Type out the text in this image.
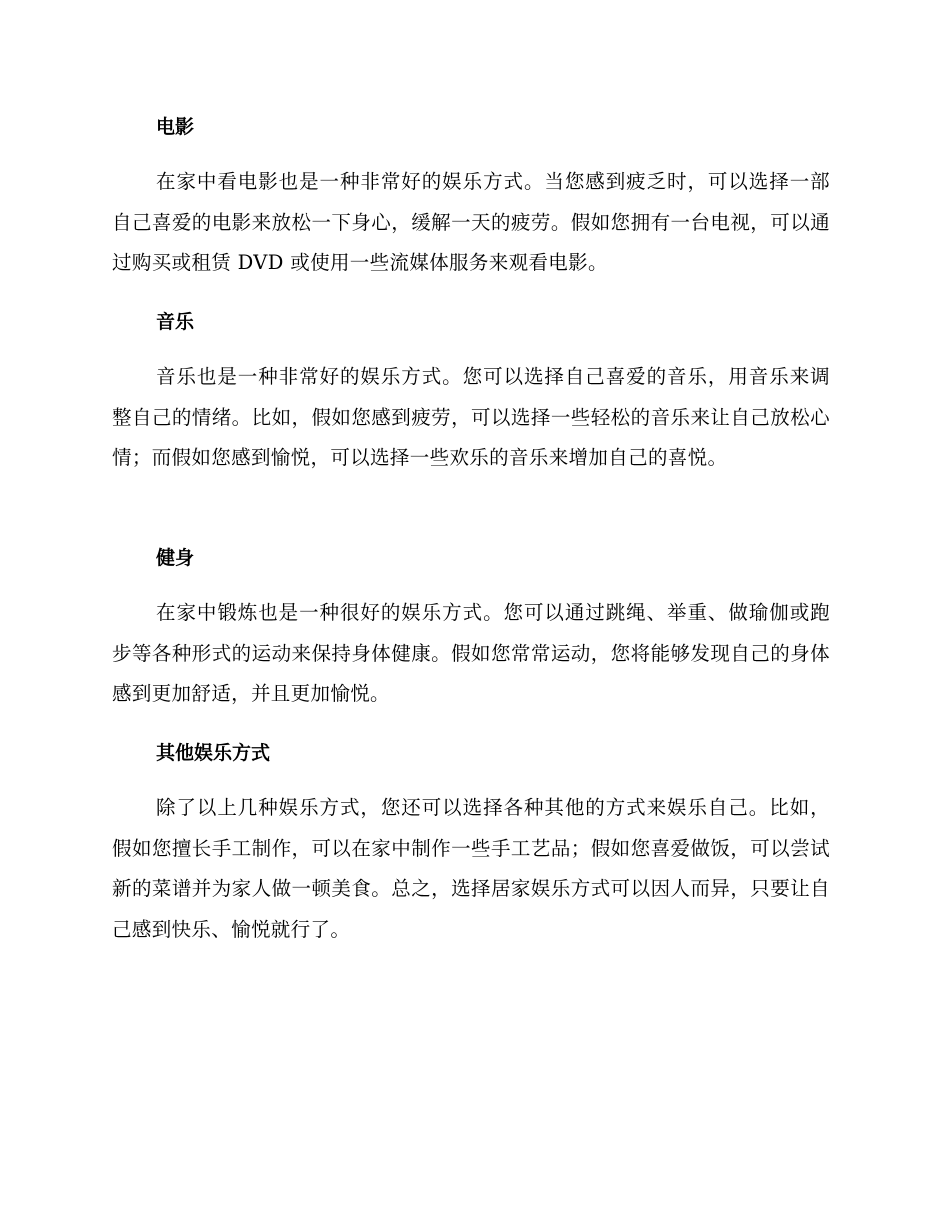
电影

在家中看电影也是一种非常好的娱乐方式。当您感到疲乏时，可以选择一部自己喜爱的电影来放松一下身心，缓解一天的疲劳。假如您拥有一台电视，可以通过购买或租赁 DVD 或使用一些流媒体服务来观看电影。

音乐

音乐也是一种非常好的娱乐方式。您可以选择自己喜爱的音乐，用音乐来调整自己的情绪。比如，假如您感到疲劳，可以选择一些轻松的音乐来让自己放松心情；而假如您感到愉悦，可以选择一些欢乐的音乐来增加自己的喜悦。

健身

在家中锻炼也是一种很好的娱乐方式。您可以通过跳绳、举重、做瑜伽或跑步等各种形式的运动来保持身体健康。假如您常常运动，您将能够发现自己的身体感到更加舒适，并且更加愉悦。

其他娱乐方式

除了以上几种娱乐方式，您还可以选择各种其他的方式来娱乐自己。比如，假如您擅长手工制作，可以在家中制作一些手工艺品；假如您喜爱做饭，可以尝试新的菜谱并为家人做一顿美食。总之，选择居家娱乐方式可以因人而异，只要让自己感到快乐、愉悦就行了。
